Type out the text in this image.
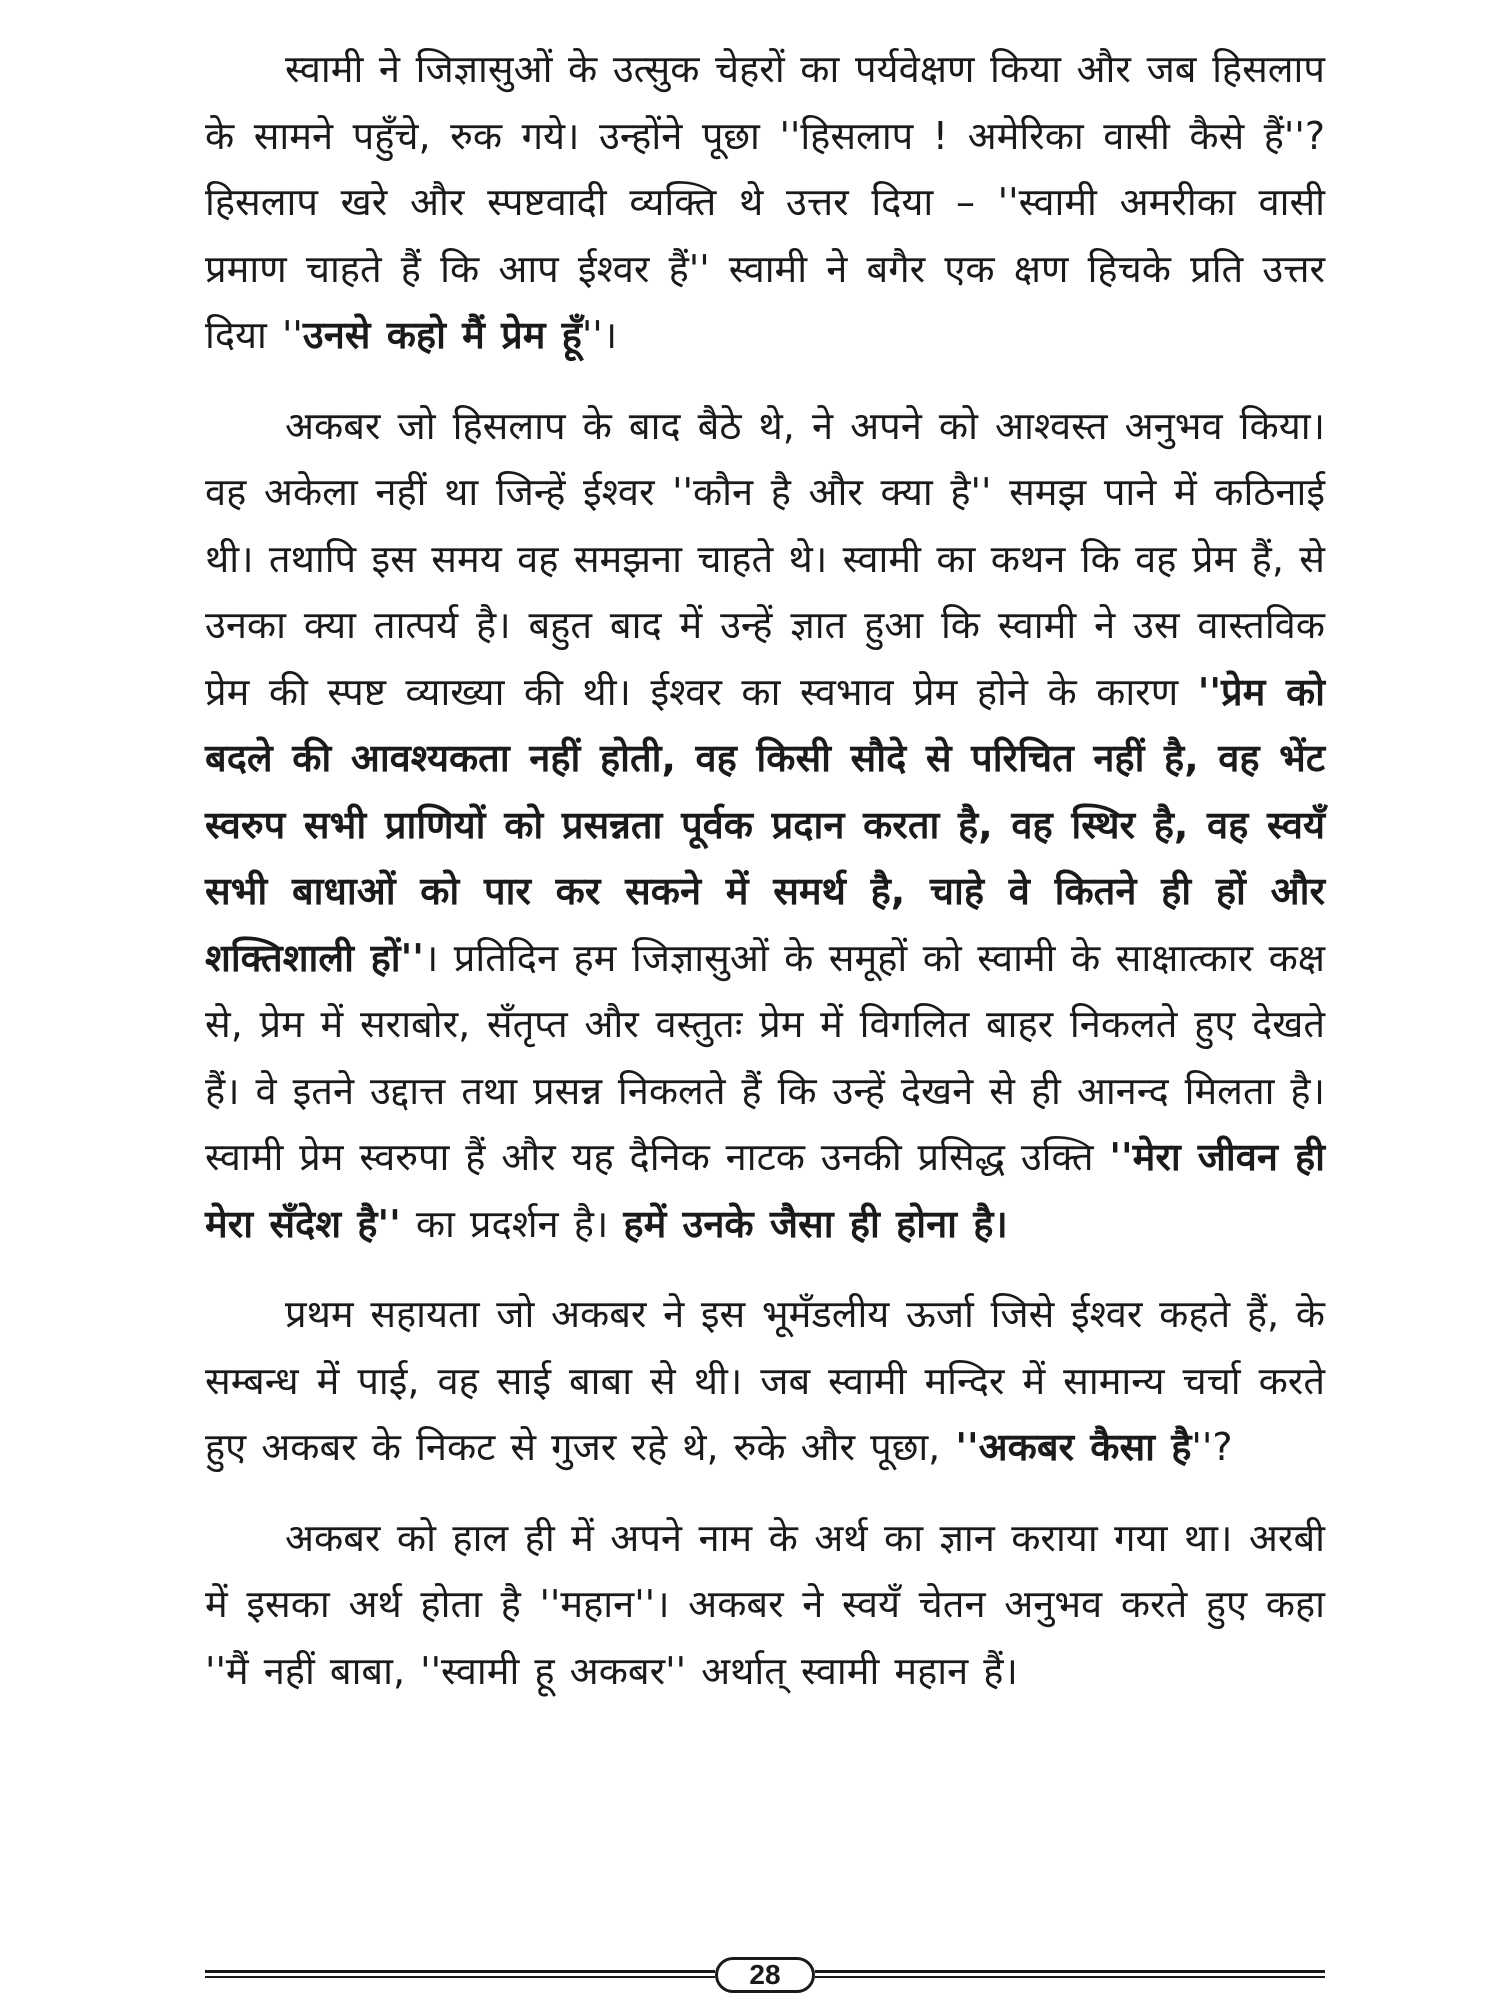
स्वामी ने जिज्ञासुओं के उत्सुक चेहरों का पर्यवेक्षण किया और जब हिसलाप के सामने पहुँचे, रुक गये। उन्होंने पूछा ''हिसलाप ! अमेरिका वासी कैसे हैं''? हिसलाप खरे और स्पष्टवादी व्यक्ति थे उत्तर दिया – ''स्वामी अमरीका वासी प्रमाण चाहते हैं कि आप ईश्वर हैं'' स्वामी ने बगैर एक क्षण हिचके प्रति उत्तर दिया ''उनसे कहो मैं प्रेम हूँ''।

अकबर जो हिसलाप के बाद बैठे थे, ने अपने को आश्वस्त अनुभव किया। वह अकेला नहीं था जिन्हें ईश्वर ''कौन है और क्या है'' समझ पाने में कठिनाई थी। तथापि इस समय वह समझना चाहते थे। स्वामी का कथन कि वह प्रेम हैं, से उनका क्या तात्पर्य है। बहुत बाद में उन्हें ज्ञात हुआ कि स्वामी ने उस वास्तविक प्रेम की स्पष्ट व्याख्या की थी। ईश्वर का स्वभाव प्रेम होने के कारण ''प्रेम को बदले की आवश्यकता नहीं होती, वह किसी सौदे से परिचित नहीं है, वह भेंट स्वरुप सभी प्राणियों को प्रसन्नता पूर्वक प्रदान करता है, वह स्थिर है, वह स्वयँ सभी बाधाओं को पार कर सकने में समर्थ है, चाहे वे कितने ही हों और शक्तिशाली हों''। प्रतिदिन हम जिज्ञासुओं के समूहों को स्वामी के साक्षात्कार कक्ष से, प्रेम में सराबोर, सँतृप्त और वस्तुतः प्रेम में विगलित बाहर निकलते हुए देखते हैं। वे इतने उद्दात्त तथा प्रसन्न निकलते हैं कि उन्हें देखने से ही आनन्द मिलता है। स्वामी प्रेम स्वरुपा हैं और यह दैनिक नाटक उनकी प्रसिद्ध उक्ति ''मेरा जीवन ही मेरा सँदेश है'' का प्रदर्शन है। हमें उनके जैसा ही होना है।

प्रथम सहायता जो अकबर ने इस भूमँडलीय ऊर्जा जिसे ईश्वर कहते हैं, के सम्बन्ध में पाई, वह साई बाबा से थी। जब स्वामी मन्दिर में सामान्य चर्चा करते हुए अकबर के निकट से गुजर रहे थे, रुके और पूछा, ''अकबर कैसा है''?

अकबर को हाल ही में अपने नाम के अर्थ का ज्ञान कराया गया था। अरबी में इसका अर्थ होता है ''महान''। अकबर ने स्वयँ चेतन अनुभव करते हुए कहा ''मैं नहीं बाबा, ''स्वामी हू अकबर'' अर्थात् स्वामी महान हैं।

28
